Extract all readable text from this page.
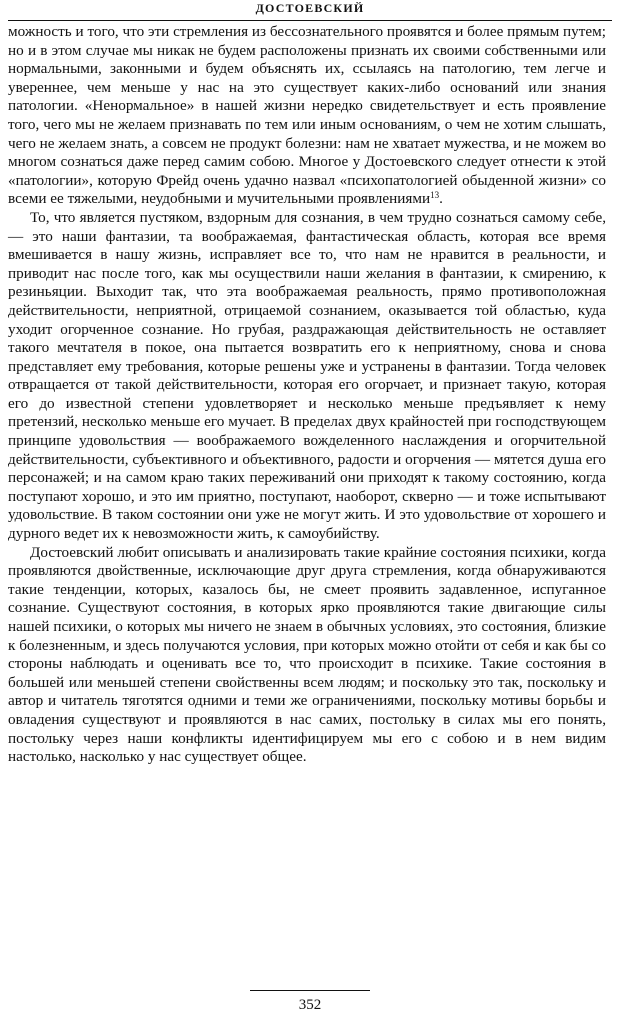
ДОСТОЕВСКИЙ

можность и того, что эти стремления из бессознательного проявятся и более прямым путем; но и в этом случае мы никак не будем расположены признать их своими собственными или нормальными, законными и будем объяснять их, ссылаясь на патологию, тем легче и увереннее, чем меньше у нас на это существует каких-либо оснований или знания патологии. «Ненормальное» в нашей жизни нередко свидетельствует и есть проявление того, чего мы не желаем признавать по тем или иным основаниям, о чем не хотим слышать, чего не желаем знать, а совсем не продукт болезни: нам не хватает мужества, и не можем во многом сознаться даже перед самим собою. Многое у Достоевского следует отнести к этой «патологии», которую Фрейд очень удачно назвал «психопатологией обыденной жизни» со всеми ее тяжелыми, неудобными и мучительными проявлениями$^{13}$.

То, что является пустяком, вздорным для сознания, в чем трудно сознаться самому себе, — это наши фантазии, та воображаемая, фантастическая область, которая все время вмешивается в нашу жизнь, исправляет все то, что нам не нравится в реальности, и приводит нас после того, как мы осуществили наши желания в фантазии, к смирению, к резиньяции. Выходит так, что эта воображаемая реальность, прямо противоположная действительности, неприятной, отрицаемой сознанием, оказывается той областью, куда уходит огорченное сознание. Но грубая, раздражающая действительность не оставляет такого мечтателя в покое, она пытается возвратить его к неприятному, снова и снова представляет ему требования, которые решены уже и устранены в фантазии. Тогда человек отвращается от такой действительности, которая его огорчает, и признает такую, которая его до известной степени удовлетворяет и несколько меньше предъявляет к нему претензий, несколько меньше его мучает. В пределах двух крайностей при господствующем принципе удовольствия — воображаемого вожделенного наслаждения и огорчительной действительности, субъективного и объективного, радости и огорчения — мятется душа его персонажей; и на самом краю таких переживаний они приходят к такому состоянию, когда поступают хорошо, и это им приятно, поступают, наоборот, скверно — и тоже испытывают удовольствие. В таком состоянии они уже не могут жить. И это удовольствие от хорошего и дурного ведет их к невозможности жить, к самоубийству.

Достоевский любит описывать и анализировать такие крайние состояния психики, когда проявляются двойственные, исключающие друг друга стремления, когда обнаруживаются такие тенденции, которых, казалось бы, не смеет проявить задавленное, испуганное сознание. Существуют состояния, в которых ярко проявляются такие двигающие силы нашей психики, о которых мы ничего не знаем в обычных условиях, это состояния, близкие к болезненным, и здесь получаются условия, при которых можно отойти от себя и как бы со стороны наблюдать и оценивать все то, что происходит в психике. Такие состояния в большей или меньшей степени свойственны всем людям; и поскольку это так, поскольку и автор и читатель тяготятся одними и теми же ограничениями, поскольку мотивы борьбы и овладения существуют и проявляются в нас самих, постольку в силах мы его понять, постольку через наши конфликты идентифицируем мы его с собою и в нем видим настолько, насколько у нас существует общее.

352
